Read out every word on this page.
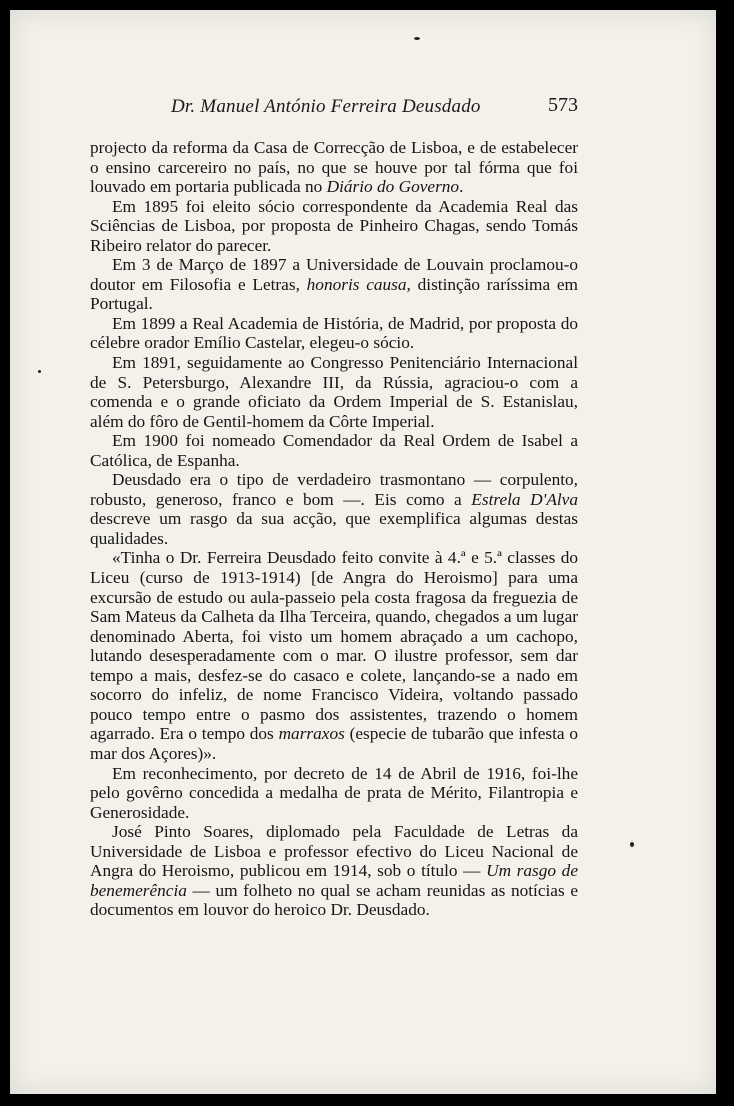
Dr. Manuel António Ferreira Deusdado	573

projecto da reforma da Casa de Correcção de Lisboa, e de estabelecer o ensino carcereiro no país, no que se houve por tal fórma que foi louvado em portaria publicada no Diário do Governo.

Em 1895 foi eleito sócio correspondente da Academia Real das Sciências de Lisboa, por proposta de Pinheiro Chagas, sendo Tomás Ribeiro relator do parecer.

Em 3 de Março de 1897 a Universidade de Louvain proclamou-o doutor em Filosofia e Letras, honoris causa, distinção raríssima em Portugal.

Em 1899 a Real Academia de História, de Madrid, por proposta do célebre orador Emílio Castelar, elegeu-o sócio.

Em 1891, seguidamente ao Congresso Penitenciário Internacional de S. Petersburgo, Alexandre III, da Rússia, agraciou-o com a comenda e o grande oficiato da Ordem Imperial de S. Estanislau, além do fôro de Gentil-homem da Côrte Imperial.

Em 1900 foi nomeado Comendador da Real Ordem de Isabel a Católica, de Espanha.

Deusdado era o tipo de verdadeiro trasmontano — corpulento, robusto, generoso, franco e bom —. Eis como a Estrela D'Alva descreve um rasgo da sua acção, que exemplifica algumas destas qualidades.

«Tinha o Dr. Ferreira Deusdado feito convite à 4.ª e 5.ª classes do Liceu (curso de 1913-1914) [de Angra do Heroismo] para uma excursão de estudo ou aula-passeio pela costa fragosa da freguezia de Sam Mateus da Calheta da Ilha Terceira, quando, chegados a um lugar denominado Aberta, foi visto um homem abraçado a um cachopo, lutando desesperadamente com o mar. O ilustre professor, sem dar tempo a mais, desfez-se do casaco e colete, lançando-se a nado em socorro do infeliz, de nome Francisco Videira, voltando passado pouco tempo entre o pasmo dos assistentes, trazendo o homem agarrado. Era o tempo dos marraxos (especie de tubarão que infesta o mar dos Açores)».

Em reconhecimento, por decreto de 14 de Abril de 1916, foi-lhe pelo govêrno concedida a medalha de prata de Mérito, Filantropia e Generosidade.

José Pinto Soares, diplomado pela Faculdade de Letras da Universidade de Lisboa e professor efectivo do Liceu Nacional de Angra do Heroismo, publicou em 1914, sob o título — Um rasgo de benemerência — um folheto no qual se acham reunidas as notícias e documentos em louvor do heroico Dr. Deusdado.
